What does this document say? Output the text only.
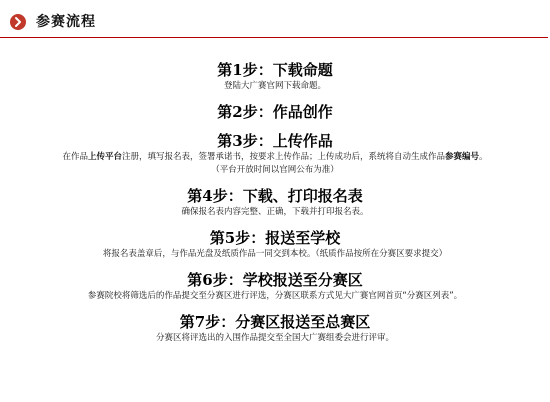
参赛流程

第1步：下载命题

登陆大广赛官网下载命题。

第2步：作品创作

第3步：上传作品

在作品上传平台注册，填写报名表，签署承诺书，按要求上传作品；上传成功后，系统将自动生成作品参赛编号。

（平台开放时间以官网公布为准）

第4步：下载、打印报名表

确保报名表内容完整、正确，下载并打印报名表。

第5步：报送至学校

将报名表盖章后，与作品光盘及纸质作品一同交到本校。（纸质作品按所在分赛区要求提交）

第6步：学校报送至分赛区

参赛院校将筛选后的作品提交至分赛区进行评选，分赛区联系方式见大广赛官网首页“分赛区列表”。

第7步：分赛区报送至总赛区

分赛区将评选出的入围作品提交至全国大广赛组委会进行评审。
